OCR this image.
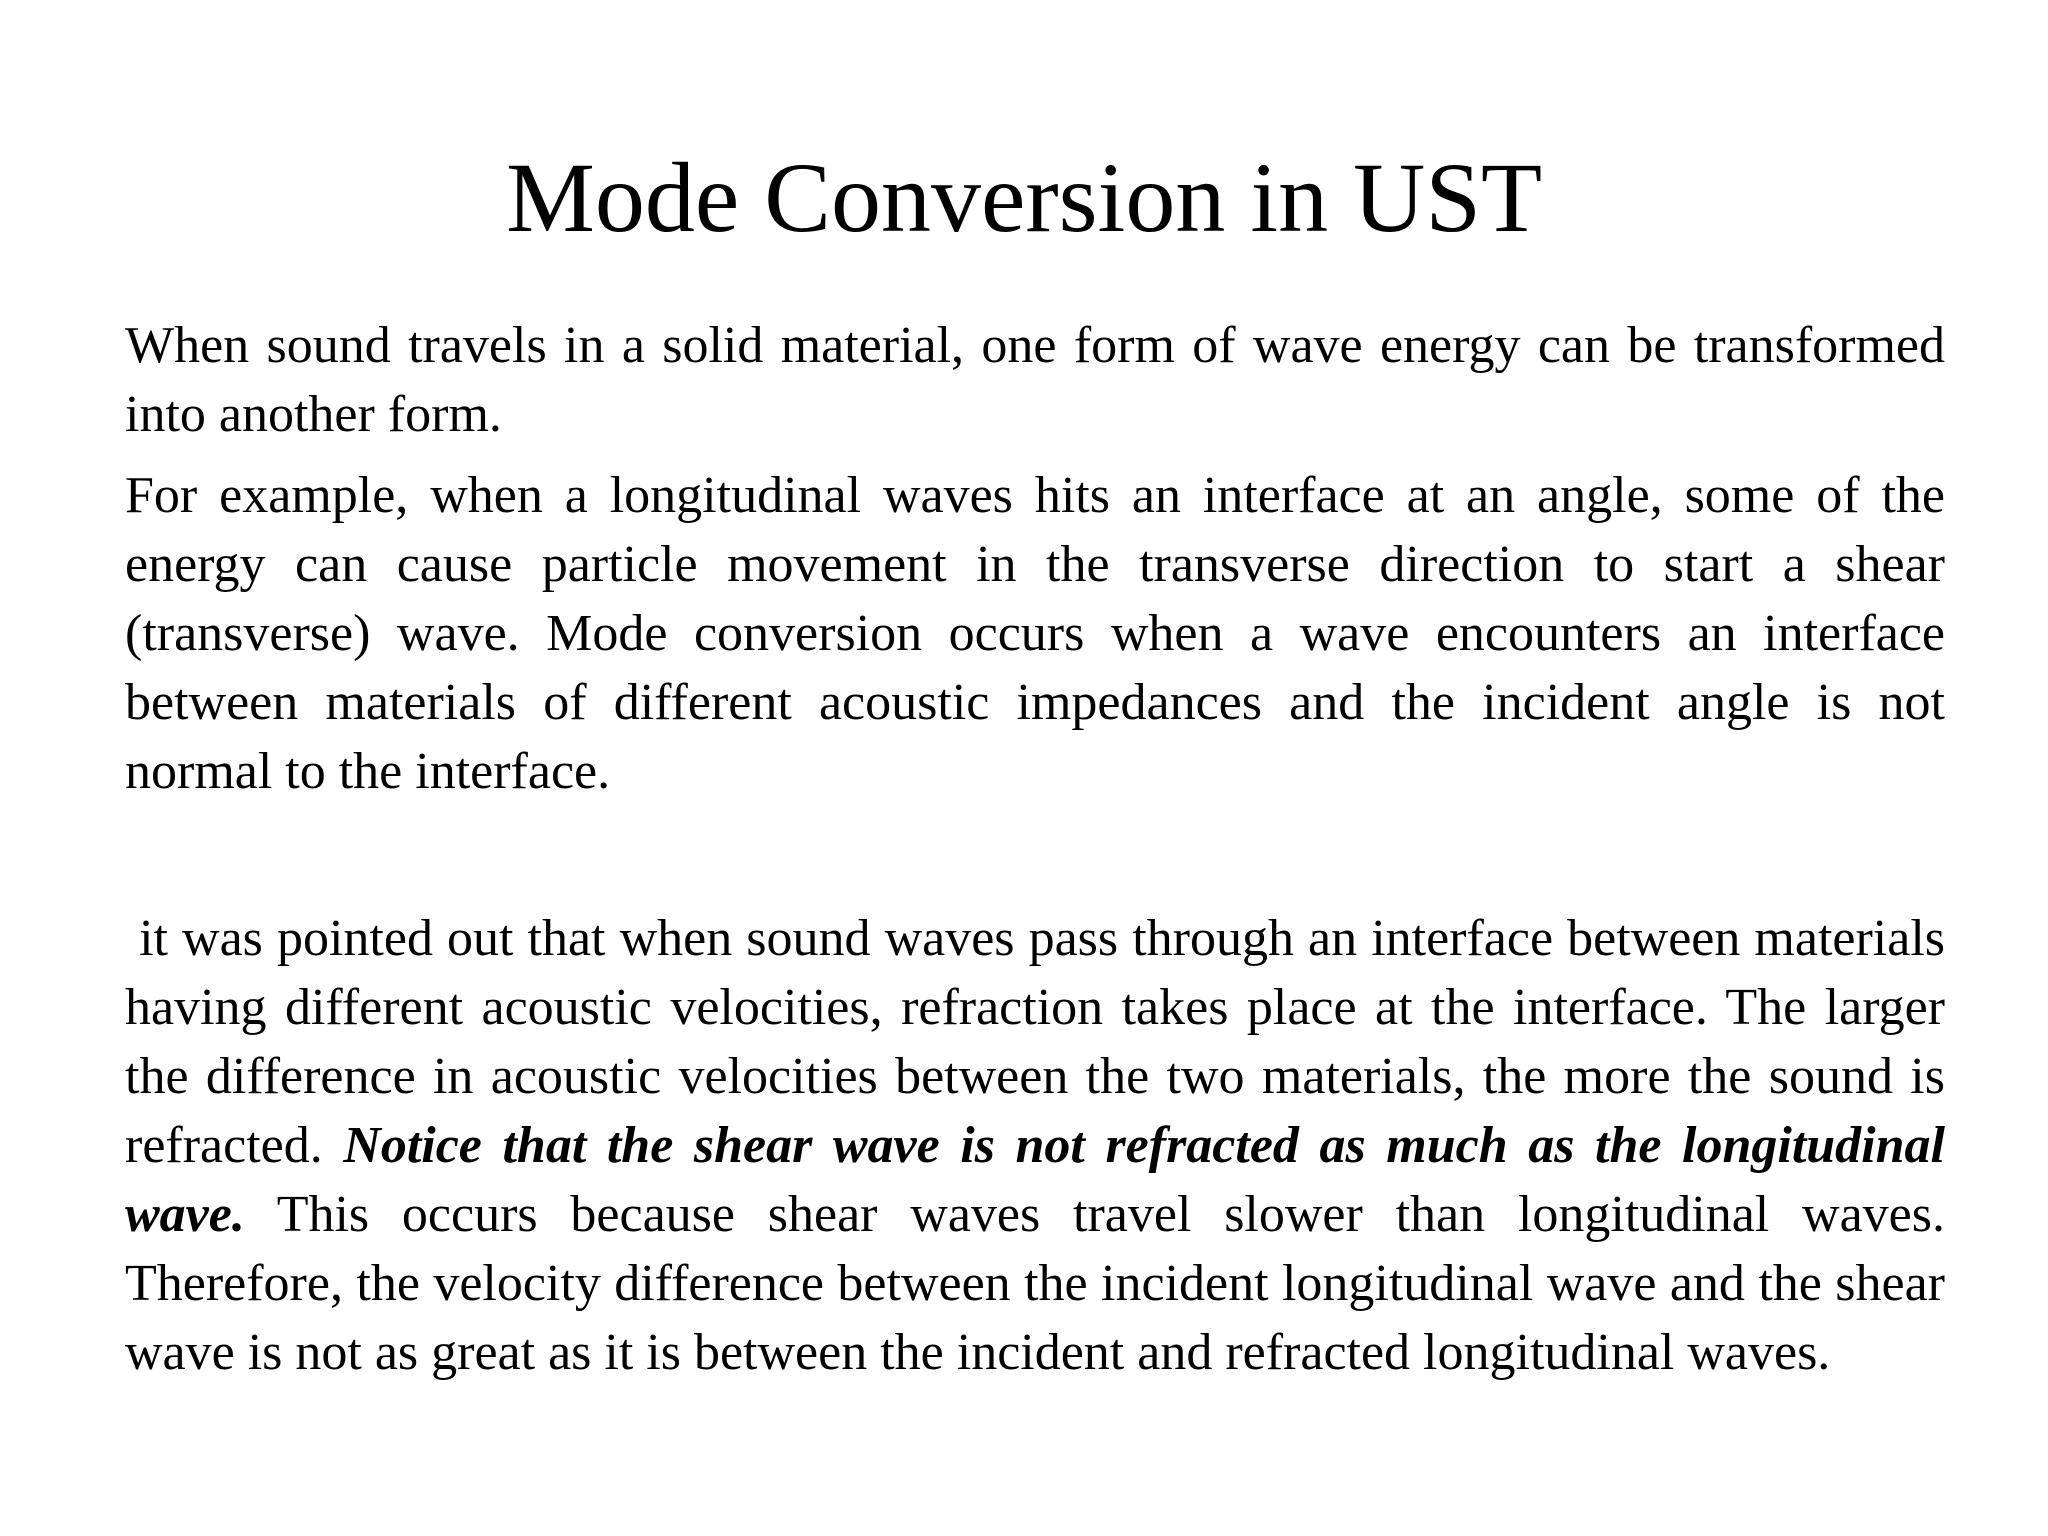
Mode Conversion in UST

When sound travels in a solid material, one form of wave energy can be transformed into another form.

For example, when a longitudinal waves hits an interface at an angle, some of the energy can cause particle movement in the transverse direction to start a shear (transverse) wave. Mode conversion occurs when a wave encounters an interface between materials of different acoustic impedances and the incident angle is not normal to the interface.

it was pointed out that when sound waves pass through an interface between materials having different acoustic velocities, refraction takes place at the interface. The larger the difference in acoustic velocities between the two materials, the more the sound is refracted. Notice that the shear wave is not refracted as much as the longitudinal wave. This occurs because shear waves travel slower than longitudinal waves. Therefore, the velocity difference between the incident longitudinal wave and the shear wave is not as great as it is between the incident and refracted longitudinal waves.
